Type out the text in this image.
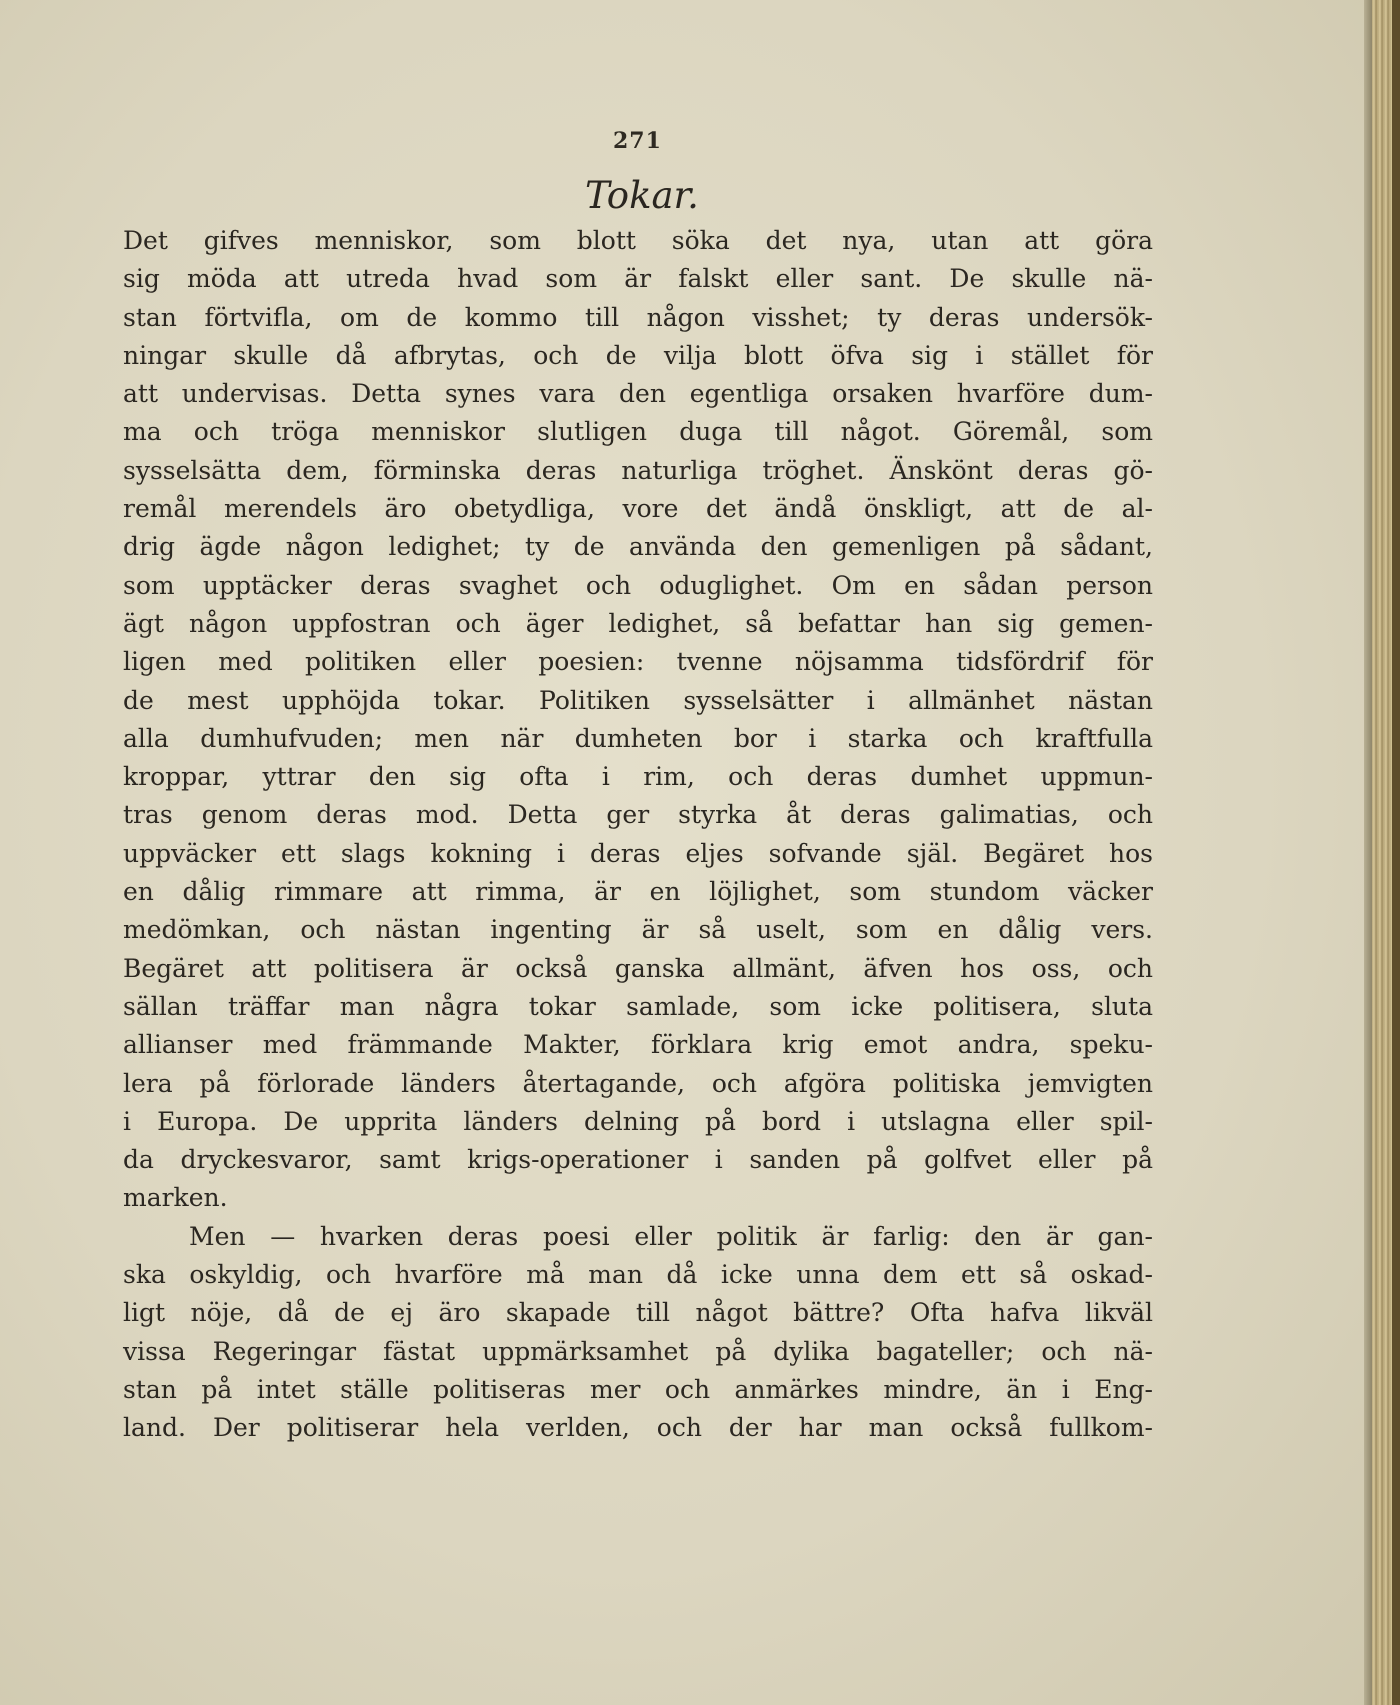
271
Tokar.
Det gifves menniskor, som blott söka det nya, utan att göra
sig möda att utreda hvad som är falskt eller sant. De skulle nä-
stan förtvifla, om de kommo till någon visshet; ty deras undersök-
ningar skulle då afbrytas, och de vilja blott öfva sig i stället för
att undervisas. Detta synes vara den egentliga orsaken hvarföre dum-
ma och tröga menniskor slutligen duga till något. Göremål, som
sysselsätta dem, förminska deras naturliga tröghet. Änskönt deras gö-
remål merendels äro obetydliga, vore det ändå önskligt, att de al-
drig ägde någon ledighet; ty de använda den gemenligen på sådant,
som upptäcker deras svaghet och oduglighet. Om en sådan person
ägt någon uppfostran och äger ledighet, så befattar han sig gemen-
ligen med politiken eller poesien: tvenne nöjsamma tidsfördrif för
de mest upphöjda tokar. Politiken sysselsätter i allmänhet nästan
alla dumhufvuden; men när dumheten bor i starka och kraftfulla
kroppar, yttrar den sig ofta i rim, och deras dumhet uppmun-
tras genom deras mod. Detta ger styrka åt deras galimatias, och
uppväcker ett slags kokning i deras eljes sofvande själ. Begäret hos
en dålig rimmare att rimma, är en löjlighet, som stundom väcker
medömkan, och nästan ingenting är så uselt, som en dålig vers.
Begäret att politisera är också ganska allmänt, äfven hos oss, och
sällan träffar man några tokar samlade, som icke politisera, sluta
allianser med främmande Makter, förklara krig emot andra, speku-
lera på förlorade länders återtagande, och afgöra politiska jemvigten
i Europa. De upprita länders delning på bord i utslagna eller spil-
da dryckesvaror, samt krigs-operationer i sanden på golfvet eller på
marken.
Men — hvarken deras poesi eller politik är farlig: den är gan-
ska oskyldig, och hvarföre må man då icke unna dem ett så oskad-
ligt nöje, då de ej äro skapade till något bättre? Ofta hafva likväl
vissa Regeringar fästat uppmärksamhet på dylika bagateller; och nä-
stan på intet ställe politiseras mer och anmärkes mindre, än i Eng-
land. Der politiserar hela verlden, och der har man också fullkom-
